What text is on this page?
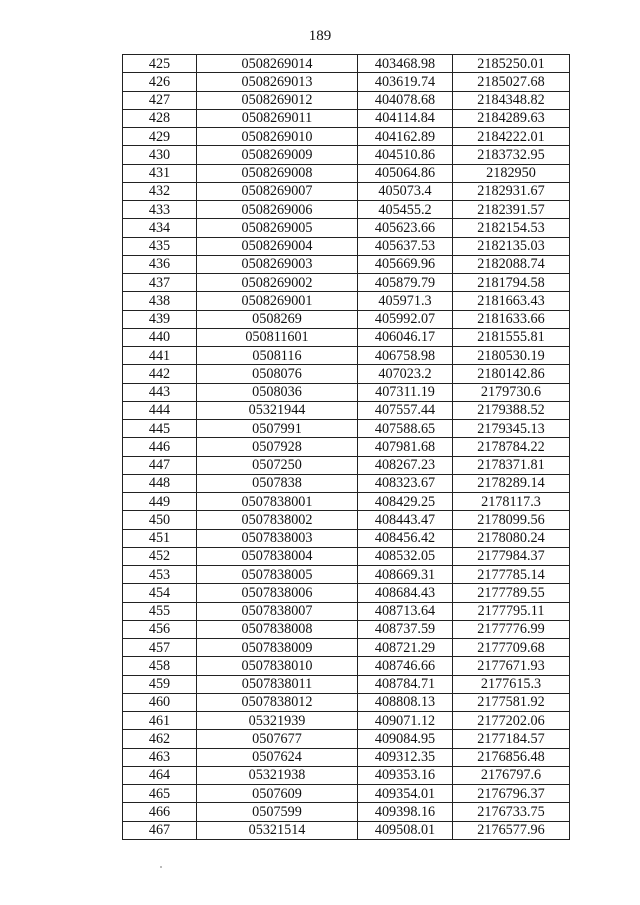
189
425	0508269014	403468.98	2185250.01
426	0508269013	403619.74	2185027.68
427	0508269012	404078.68	2184348.82
428	0508269011	404114.84	2184289.63
429	0508269010	404162.89	2184222.01
430	0508269009	404510.86	2183732.95
431	0508269008	405064.86	2182950
432	0508269007	405073.4	2182931.67
433	0508269006	405455.2	2182391.57
434	0508269005	405623.66	2182154.53
435	0508269004	405637.53	2182135.03
436	0508269003	405669.96	2182088.74
437	0508269002	405879.79	2181794.58
438	0508269001	405971.3	2181663.43
439	0508269	405992.07	2181633.66
440	050811601	406046.17	2181555.81
441	0508116	406758.98	2180530.19
442	0508076	407023.2	2180142.86
443	0508036	407311.19	2179730.6
444	05321944	407557.44	2179388.52
445	0507991	407588.65	2179345.13
446	0507928	407981.68	2178784.22
447	0507250	408267.23	2178371.81
448	0507838	408323.67	2178289.14
449	0507838001	408429.25	2178117.3
450	0507838002	408443.47	2178099.56
451	0507838003	408456.42	2178080.24
452	0507838004	408532.05	2177984.37
453	0507838005	408669.31	2177785.14
454	0507838006	408684.43	2177789.55
455	0507838007	408713.64	2177795.11
456	0507838008	408737.59	2177776.99
457	0507838009	408721.29	2177709.68
458	0507838010	408746.66	2177671.93
459	0507838011	408784.71	2177615.3
460	0507838012	408808.13	2177581.92
461	05321939	409071.12	2177202.06
462	0507677	409084.95	2177184.57
463	0507624	409312.35	2176856.48
464	05321938	409353.16	2176797.6
465	0507609	409354.01	2176796.37
466	0507599	409398.16	2176733.75
467	05321514	409508.01	2176577.96
